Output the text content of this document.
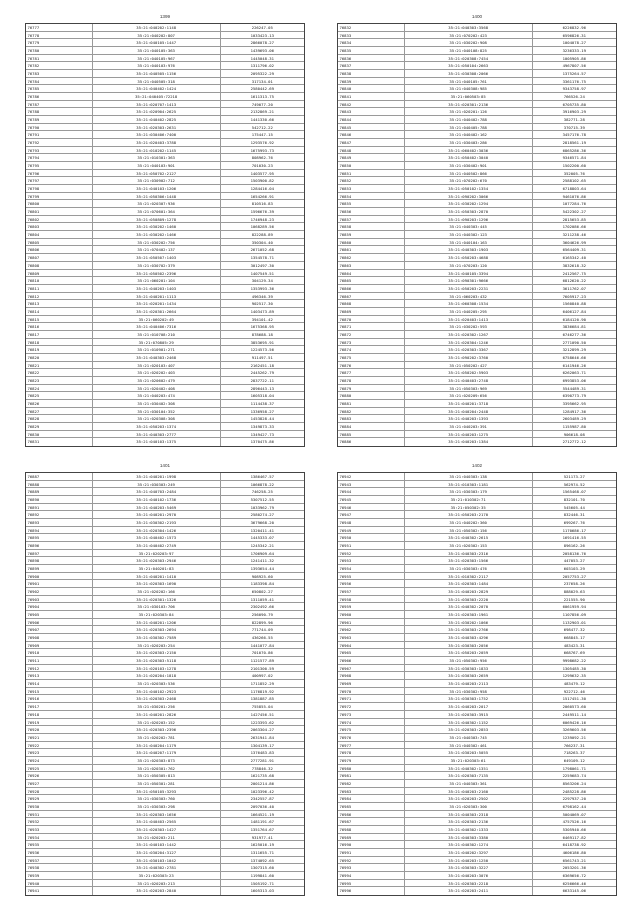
1399
76777	35:21:040202:1148	226247.05
76778	35:21:040202:807	1033423.13
76779	35:21:040105:1447	2866078.27
76780	35:21:040105:363	1439693.06
76781	35:21:040105:967	1445048.31
76782	35:21:040103:976	1311796.02
76783	35:21:040505:1156	2095322.29
76784	35:21:040505:318	317134.01
76785	35:21:040402:1424	2580442.69
76786	35:21:040405:72218	1611313.75
76787	35:21:020707:1413	749077.20
76788	35:21:020904:2625	2132869.21
76789	35:21:040402:2825	1441330.66
76790	35:21:020303:2631	542712.22
76791	35:21:030406:7400	175447.15
76792	35:21:020403:3788	1293576.92
76793	35:21:010202:1145	1675993.73
76794	35:21:010301:363	808962.76
76795	35:21:040103:901	701030.23
76796	35:21:050702:2127	1403577.95
76797	35:21:030902:712	1503900.82
76798	35:21:040103:1206	1284416.04
76799	35:21:050306:1448	1654266.91
76800	35:21:020307:936	810516.83
76801	35:21:070601:364	1596676.39
76802	35:21:050809:1278	1746948.23
76803	35:21:030202:1460	1068289.56
76804	35:21:030202:1466	822288.89
76805	35:21:030202:756	350304.40
76806	35:21:070402:137	2671052.68
76807	35:21:050507:1403	1354578.71
76808	35:21:030702:379	3012497.30
76809	35:21:050502:2396	1407549.51
76810	35:21:060201:104	304129.34
76811	35:21:040203:1403	1353993.36
76812	35:21:040201:1113	496346.39
76813	35:21:020201:1434	902517.30
76814	35:21:020301:2664	1403473.89
76815	35:21:060202:49	394101.42
76816	35:21:040406:7316	1675368.95
76817	35:21:010708:210	878688.18
76818	35:21:070805:29	3853695.91
76819	35:21:010901:271	1224573.56
76820	35:21:040303:2468	911497.51
76821	35:21:020103:407	2162451.18
76822	35:21:020202:403	2445262.79
76823	35:21:020602:479	2837722.11
76824	35:21:020402:408	2896443.13
76825	35:21:040203:474	1605318.04
76826	35:21:030402:308	1114438.37
76827	35:21:030104:352	1336958.27
76828	35:21:020308:308	1453828.44
76829	35:21:050203:1374	1349873.33
76830	35:21:040303:2777	1349427.73
76831	35:21:040103:1375	1370475.86
1400
76832	35:21:040303:3568	6226832.96
76833	35:21:070202:423	6596826.31
76834	35:21:030202:908	1004078.27
76835	35:21:040108:825	3236333.19
76836	35:21:020308:7454	1005905.86
76837	35:21:050104:2663	4967807.56
76838	35:21:030308:2066	1375264.57
76839	35:21:040105:761	3361176.75
76840	35:21:040308:985	9343758.97
76841	35:21:060503:85	766526.24
76842	35:21:020301:2136	6705735.80
76843	35:21:020201:126	3916903.29
76844	35:21:040402:788	382771.28
76845	35:21:040405:788	370715.39
76846	35:21:040402:162	3457176.78
76847	35:21:030403:286	2818561.19
76848	35:21:060402:3036	6865286.36
76849	35:21:050402:3040	9346571.84
76850	35:21:030402:901	1502200.60
76851	35:21:040502:866	352005.76
76852	35:21:070202:670	2588102.65
76853	35:21:050102:1354	6718803.64
76854	35:21:090202:3066	9461076.86
76855	35:21:030202:1294	1077284.76
76856	35:21:050303:2870	5422302.27
76857	35:21:090203:1296	2815653.85
76858	35:21:040303:445	1702086.66
76859	35:21:040302:123	3211238.46
76860	35:21:040104:163	3604626.99
76861	35:21:040303:1903	6564409.31
76862	35:21:050203:4688	6165342.40
76863	35:21:070203:120	3832618.32
76864	35:21:040105:3394	2412567.75
76865	35:21:090301:9666	6812620.22
76866	35:21:050203:2231	3611762.07
76867	35:21:060203:432	7605917.23
76868	35:21:060308:1534	1560840.88
76869	35:21:040205:295	6406127.84
76870	35:21:020403:1413	6184120.90
76871	35:21:030202:593	3836684.81
76872	35:21:020302:1267	6746277.36
76873	35:21:020304:1246	2771090.50
76874	35:21:020303:3367	3212899.29
76875	35:21:090202:3760	6758646.66
76876	35:21:050202:427	6141946.26
76877	35:21:050202:5903	6262063.71
76878	35:21:040403:2748	6993853.06
76879	35:21:050303:969	5544489.31
76880	35:21:020209:656	6390773.79
76881	35:21:040201:3718	3395662.95
76882	35:21:040204:2448	1284917.36
76883	35:21:040203:1393	2603489.29
76884	35:21:040203:391	1155987.80
76885	35:21:040203:1275	906618.08
76886	35:21:040203:1384	2712772.12
1401
76887	35:21:040201:1998	1386467.57
76888	35:21:030303:249	1066878.22
76889	35:21:040703:2484	746258.25
76890	35:21:040102:1736	5307512.55
76891	35:21:040203:5469	1033962.79
76892	35:21:040201:2970	2580274.27
76893	35:21:030302:2193	3679668.20
76894	35:21:020304:1426	1320411.41
76895	35:21:040402:1573	1445333.07
76896	35:21:040402:2749	1245342.21
76897	35:21:020203:97	1706909.64
76898	35:21:020303:2946	1241411.32
76899	35:21:040201:83	1393654.44
76900	35:21:040201:1410	908925.60
76901	35:21:020303:1690	1183398.84
76902	35:21:020202:166	650802.27
76903	35:21:020301:1326	1311059.41
76904	35:21:030103:706	2302492.66
76905	35:21:020303:84	256090.79
76906	35:21:040201:1206	822899.96
76907	35:21:020303:2694	771744.09
76908	35:21:030302:7589	436266.55
76909	35:21:020203:254	1441077.84
76910	35:21:020303:2150	701070.86
76911	35:21:020303:5118	1121577.89
76912	35:21:020103:1278	2101300.59
76913	35:21:020204:1818	400997.02
76914	35:21:020303:536	1711852.29
76915	35:21:040102:2923	1176819.92
76916	35:21:020303:2468	1381887.85
76917	35:21:030201:256	755855.04
76918	35:21:040201:2826	1427456.51
76919	35:21:020203:152	1223393.62
76920	35:21:020303:2396	2063304.27
76921	35:21:020202:781	2631941.84
76922	35:21:040204:1179	1304139.17
76923	35:21:040207:1179	1376483.83
76924	35:21:020303:873	2777281.91
76925	35:21:020301:762	778846.32
76926	35:21:050305:813	1621735.68
76927	35:21:050301:281	2001214.86
76928	35:21:050105:3293	1023396.42
76929	35:21:030303:760	2342557.87
76930	35:21:030303:298	2097036.40
76931	35:21:020303:1656	1664521.19
76932	35:21:040403:2565	1481191.67
76933	35:21:020303:1427	1351764.67
76934	35:21:020203:211	931977.41
76935	35:21:040103:1442	1625016.19
76936	35:21:030204:3127	1311655.71
76937	35:21:030103:1042	1374092.65
76938	35:21:040302:2781	1307315.60
76939	35:21:020303:23	1199841.60
76940	35:21:020203:213	1505192.71
76941	35:21:020203:2840	1605313.03
1402
76942	35:21:040303:138	521173.27
76943	35:21:010303:1181	562974.52
76944	35:21:030303:179	1565468.07
76945	35:21:010302:71	832101.70
76946	35:21:050302:35	545605.44
76947	35:21:050203:2170	832446.31
76948	35:21:040202:360	699267.76
76949	35:21:050302:156	1170686.17
76950	35:21:040302:2615	1691416.55
76951	35:21:020302:153	896162.26
76952	35:21:040303:2316	2058136.76
76953	35:21:020303:1566	447053.27
76954	35:21:030303:476	603103.29
76955	35:21:010302:2117	2057753.27
76956	35:21:020303:1484	237658.26
76957	35:21:040203:2829	888029.63
76958	35:21:030303:2220	221555.90
76959	35:21:040302:2070	6061959.94
76960	35:21:020303:1961	1107856.09
76961	35:21:030202:1066	1132903.01
76962	35:21:030303:2766	698477.32
76963	35:21:040303:4296	668845.17
76964	35:21:030303:2056	483423.31
76965	35:21:050203:2059	668767.69
76966	35:21:050302:956	9998682.22
76967	35:21:030303:1833	1305485.30
76968	35:21:030303:2659	1299632.35
76969	35:21:040203:2113	483479.12
76970	35:21:030302:958	922712.46
76971	35:21:030303:1752	1517451.30
76972	35:21:040203:2017	2060573.60
76973	35:21:020303:3915	2449511.14
76974	35:21:040302:1152	6069426.16
76975	35:21:020303:2853	3269603.56
76976	35:21:040303:745	1239092.21
76977	35:21:040302:461	766237.31
76978	35:21:030203:5055	718263.37
76979	35:21:020303:61	649109.12
76980	35:21:040302:1351	1798061.71
76981	35:21:020303:7135	2259683.74
76982	35:21:040303:361	8563206.24
76983	35:21:040203:2160	2485228.86
76984	35:21:020203:2502	2297937.20
76985	35:21:020303:300	6798162.44
76986	35:21:040303:2318	5004069.07
76987	35:21:020303:2136	4757526.16
76988	35:21:040302:1333	5305940.66
76989	35:21:040303:3380	6469117.82
76990	35:21:040302:1274	6418738.92
76991	35:21:040202:3297	4606186.80
76992	35:21:040203:1250	6561743.21
76993	35:21:030303:3227	2053201.36
76994	35:21:040203:3076	6369656.72
76995	35:21:020303:2218	6256666.46
76996	35:21:020203:2411	6633145.06
